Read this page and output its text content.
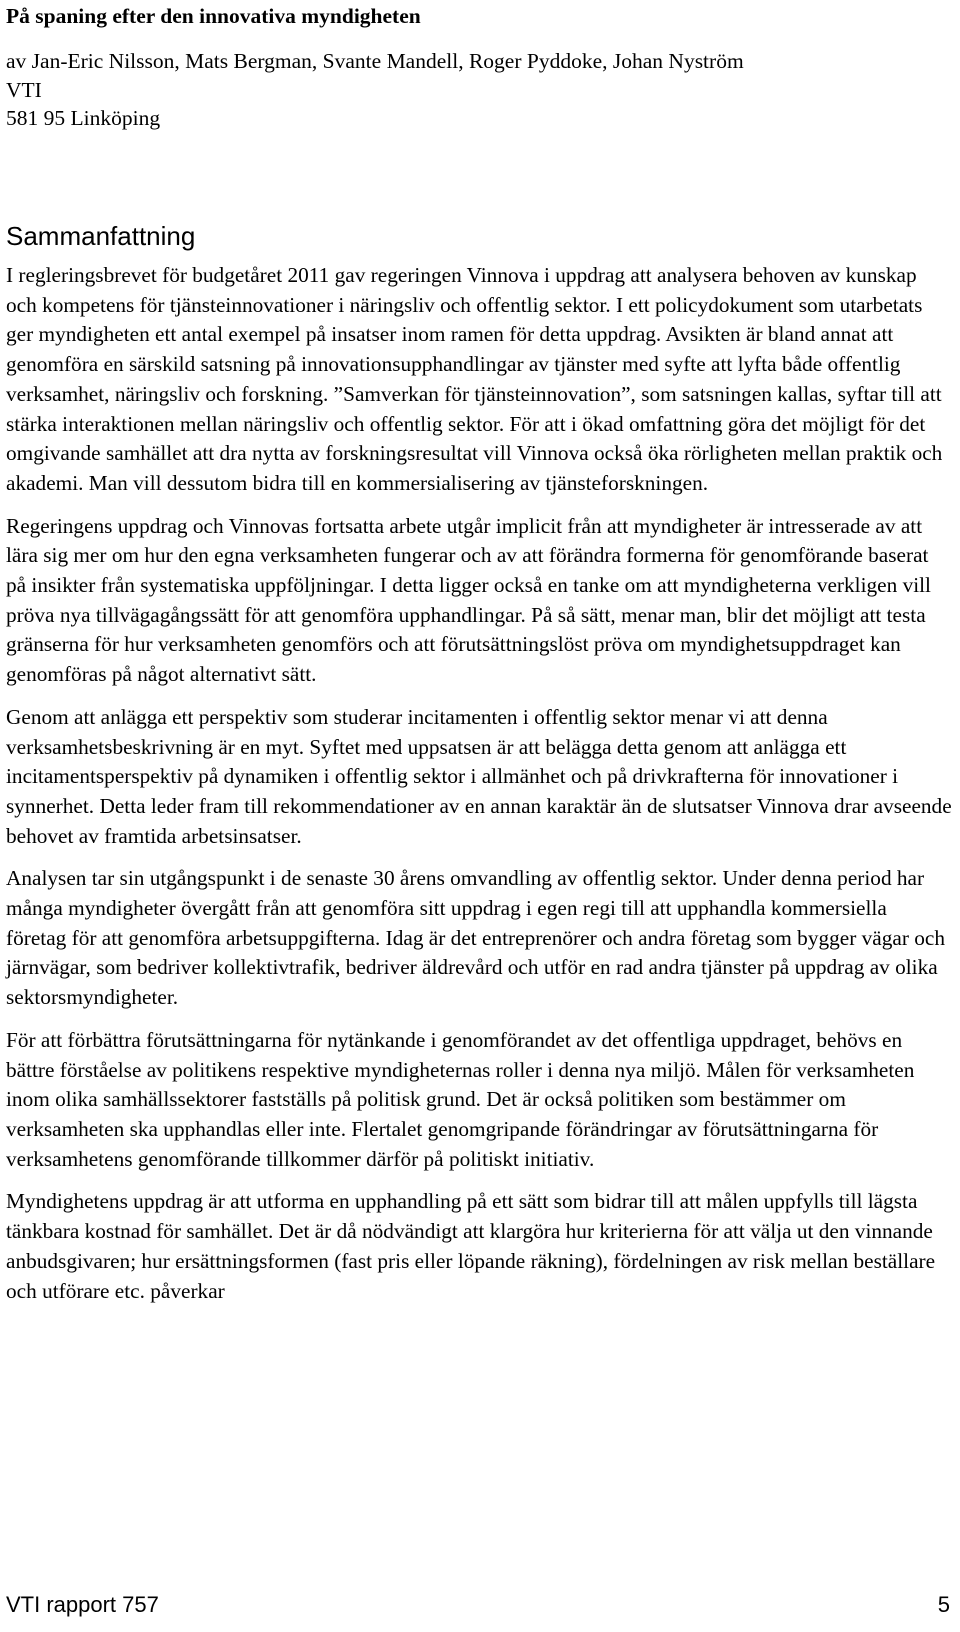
På spaning efter den innovativa myndigheten

av Jan-Eric Nilsson, Mats Bergman, Svante Mandell, Roger Pyddoke, Johan Nyström

VTI

581 95 Linköping

Sammanfattning

I regleringsbrevet för budgetåret 2011 gav regeringen Vinnova i uppdrag att analysera behoven av kunskap och kompetens för tjänsteinnovationer i näringsliv och offentlig sektor. I ett policydokument som utarbetats ger myndigheten ett antal exempel på insatser inom ramen för detta uppdrag. Avsikten är bland annat att genomföra en särskild satsning på innovationsupphandlingar av tjänster med syfte att lyfta både offentlig verksamhet, näringsliv och forskning. ”Samverkan för tjänsteinnovation”, som satsningen kallas, syftar till att stärka interaktionen mellan näringsliv och offentlig sektor. För att i ökad omfattning göra det möjligt för det omgivande samhället att dra nytta av forskningsresultat vill Vinnova också öka rörligheten mellan praktik och akademi. Man vill dessutom bidra till en kommersialisering av tjänsteforskningen.

Regeringens uppdrag och Vinnovas fortsatta arbete utgår implicit från att myndigheter är intresserade av att lära sig mer om hur den egna verksamheten fungerar och av att förändra formerna för genomförande baserat på insikter från systematiska uppföljningar. I detta ligger också en tanke om att myndigheterna verkligen vill pröva nya tillvägagångssätt för att genomföra upphandlingar. På så sätt, menar man, blir det möjligt att testa gränserna för hur verksamheten genomförs och att förutsättningslöst pröva om myndighetsuppdraget kan genomföras på något alternativt sätt.

Genom att anlägga ett perspektiv som studerar incitamenten i offentlig sektor menar vi att denna verksamhetsbeskrivning är en myt. Syftet med uppsatsen är att belägga detta genom att anlägga ett incitamentsperspektiv på dynamiken i offentlig sektor i allmänhet och på drivkrafterna för innovationer i synnerhet. Detta leder fram till rekommendationer av en annan karaktär än de slutsatser Vinnova drar avseende behovet av framtida arbetsinsatser.

Analysen tar sin utgångspunkt i de senaste 30 årens omvandling av offentlig sektor. Under denna period har många myndigheter övergått från att genomföra sitt uppdrag i egen regi till att upphandla kommersiella företag för att genomföra arbetsuppgifterna. Idag är det entreprenörer och andra företag som bygger vägar och järnvägar, som bedriver kollektivtrafik, bedriver äldrevård och utför en rad andra tjänster på uppdrag av olika sektorsmyndigheter.

För att förbättra förutsättningarna för nytänkande i genomförandet av det offentliga uppdraget, behövs en bättre förståelse av politikens respektive myndigheternas roller i denna nya miljö. Målen för verksamheten inom olika samhällssektorer fastställs på politisk grund. Det är också politiken som bestämmer om verksamheten ska upphandlas eller inte. Flertalet genomgripande förändringar av förutsättningarna för verksamhetens genomförande tillkommer därför på politiskt initiativ.

Myndighetens uppdrag är att utforma en upphandling på ett sätt som bidrar till att målen uppfylls till lägsta tänkbara kostnad för samhället. Det är då nödvändigt att klargöra hur kriterierna för att välja ut den vinnande anbudsgivaren; hur ersättningsformen (fast pris eller löpande räkning), fördelningen av risk mellan beställare och utförare etc. påverkar

VTI rapport 757	5
